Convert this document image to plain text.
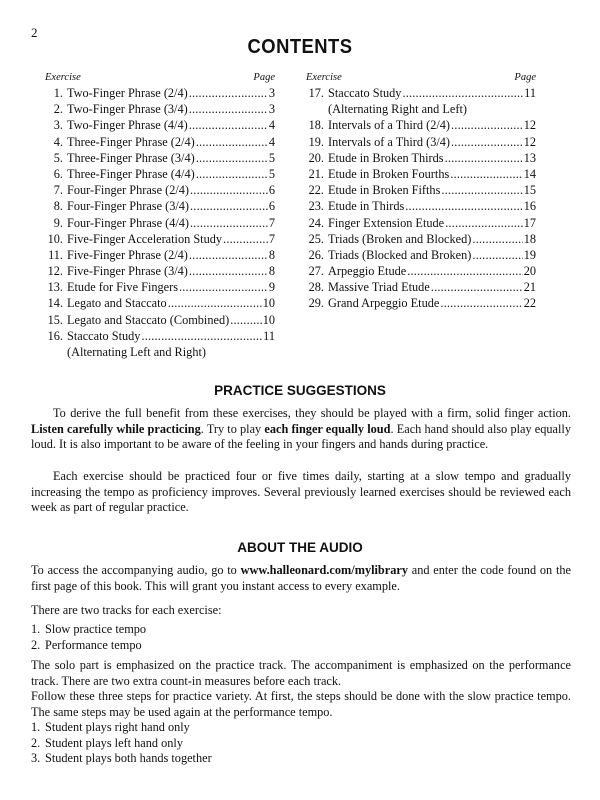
2
CONTENTS
Exercise	Page
1. Two-Finger Phrase (2/4) .....	3
2. Two-Finger Phrase (3/4) .....	3
3. Two-Finger Phrase (4/4) .....	4
4. Three-Finger Phrase (2/4) .....	4
5. Three-Finger Phrase (3/4) .....	5
6. Three-Finger Phrase (4/4) .....	5
7. Four-Finger Phrase (2/4) .....	6
8. Four-Finger Phrase (3/4) .....	6
9. Four-Finger Phrase (4/4) .....	7
10. Five-Finger Acceleration Study .....	7
11. Five-Finger Phrase (2/4) .....	8
12. Five-Finger Phrase (3/4) .....	8
13. Etude for Five Fingers .....	9
14. Legato and Staccato .....	10
15. Legato and Staccato (Combined) .....	10
16. Staccato Study .....	11
(Alternating Left and Right)
Exercise	Page
17. Staccato Study .....	11
(Alternating Right and Left)
18. Intervals of a Third (2/4) .....	12
19. Intervals of a Third (3/4) .....	12
20. Etude in Broken Thirds .....	13
21. Etude in Broken Fourths .....	14
22. Etude in Broken Fifths .....	15
23. Etude in Thirds .....	16
24. Finger Extension Etude .....	17
25. Triads (Broken and Blocked) .....	18
26. Triads (Blocked and Broken) .....	19
27. Arpeggio Etude .....	20
28. Massive Triad Etude .....	21
29. Grand Arpeggio Etude .....	22
PRACTICE SUGGESTIONS

To derive the full benefit from these exercises, they should be played with a firm, solid finger action. Listen carefully while practicing. Try to play each finger equally loud. Each hand should also play equally loud. It is also important to be aware of the feeling in your fingers and hands during practice.

Each exercise should be practiced four or five times daily, starting at a slow tempo and gradually increasing the tempo as proficiency improves. Several previously learned exercises should be reviewed each week as part of regular practice.

ABOUT THE AUDIO

To access the accompanying audio, go to www.halleonard.com/mylibrary and enter the code found on the first page of this book. This will grant you instant access to every example.

There are two tracks for each exercise:

1. Slow practice tempo
2. Performance tempo

The solo part is emphasized on the practice track. The accompaniment is emphasized on the performance track. There are two extra count-in measures before each track.

Follow these three steps for practice variety. At first, the steps should be done with the slow practice tempo. The same steps may be used again at the performance tempo.

1. Student plays right hand only
2. Student plays left hand only
3. Student plays both hands together
